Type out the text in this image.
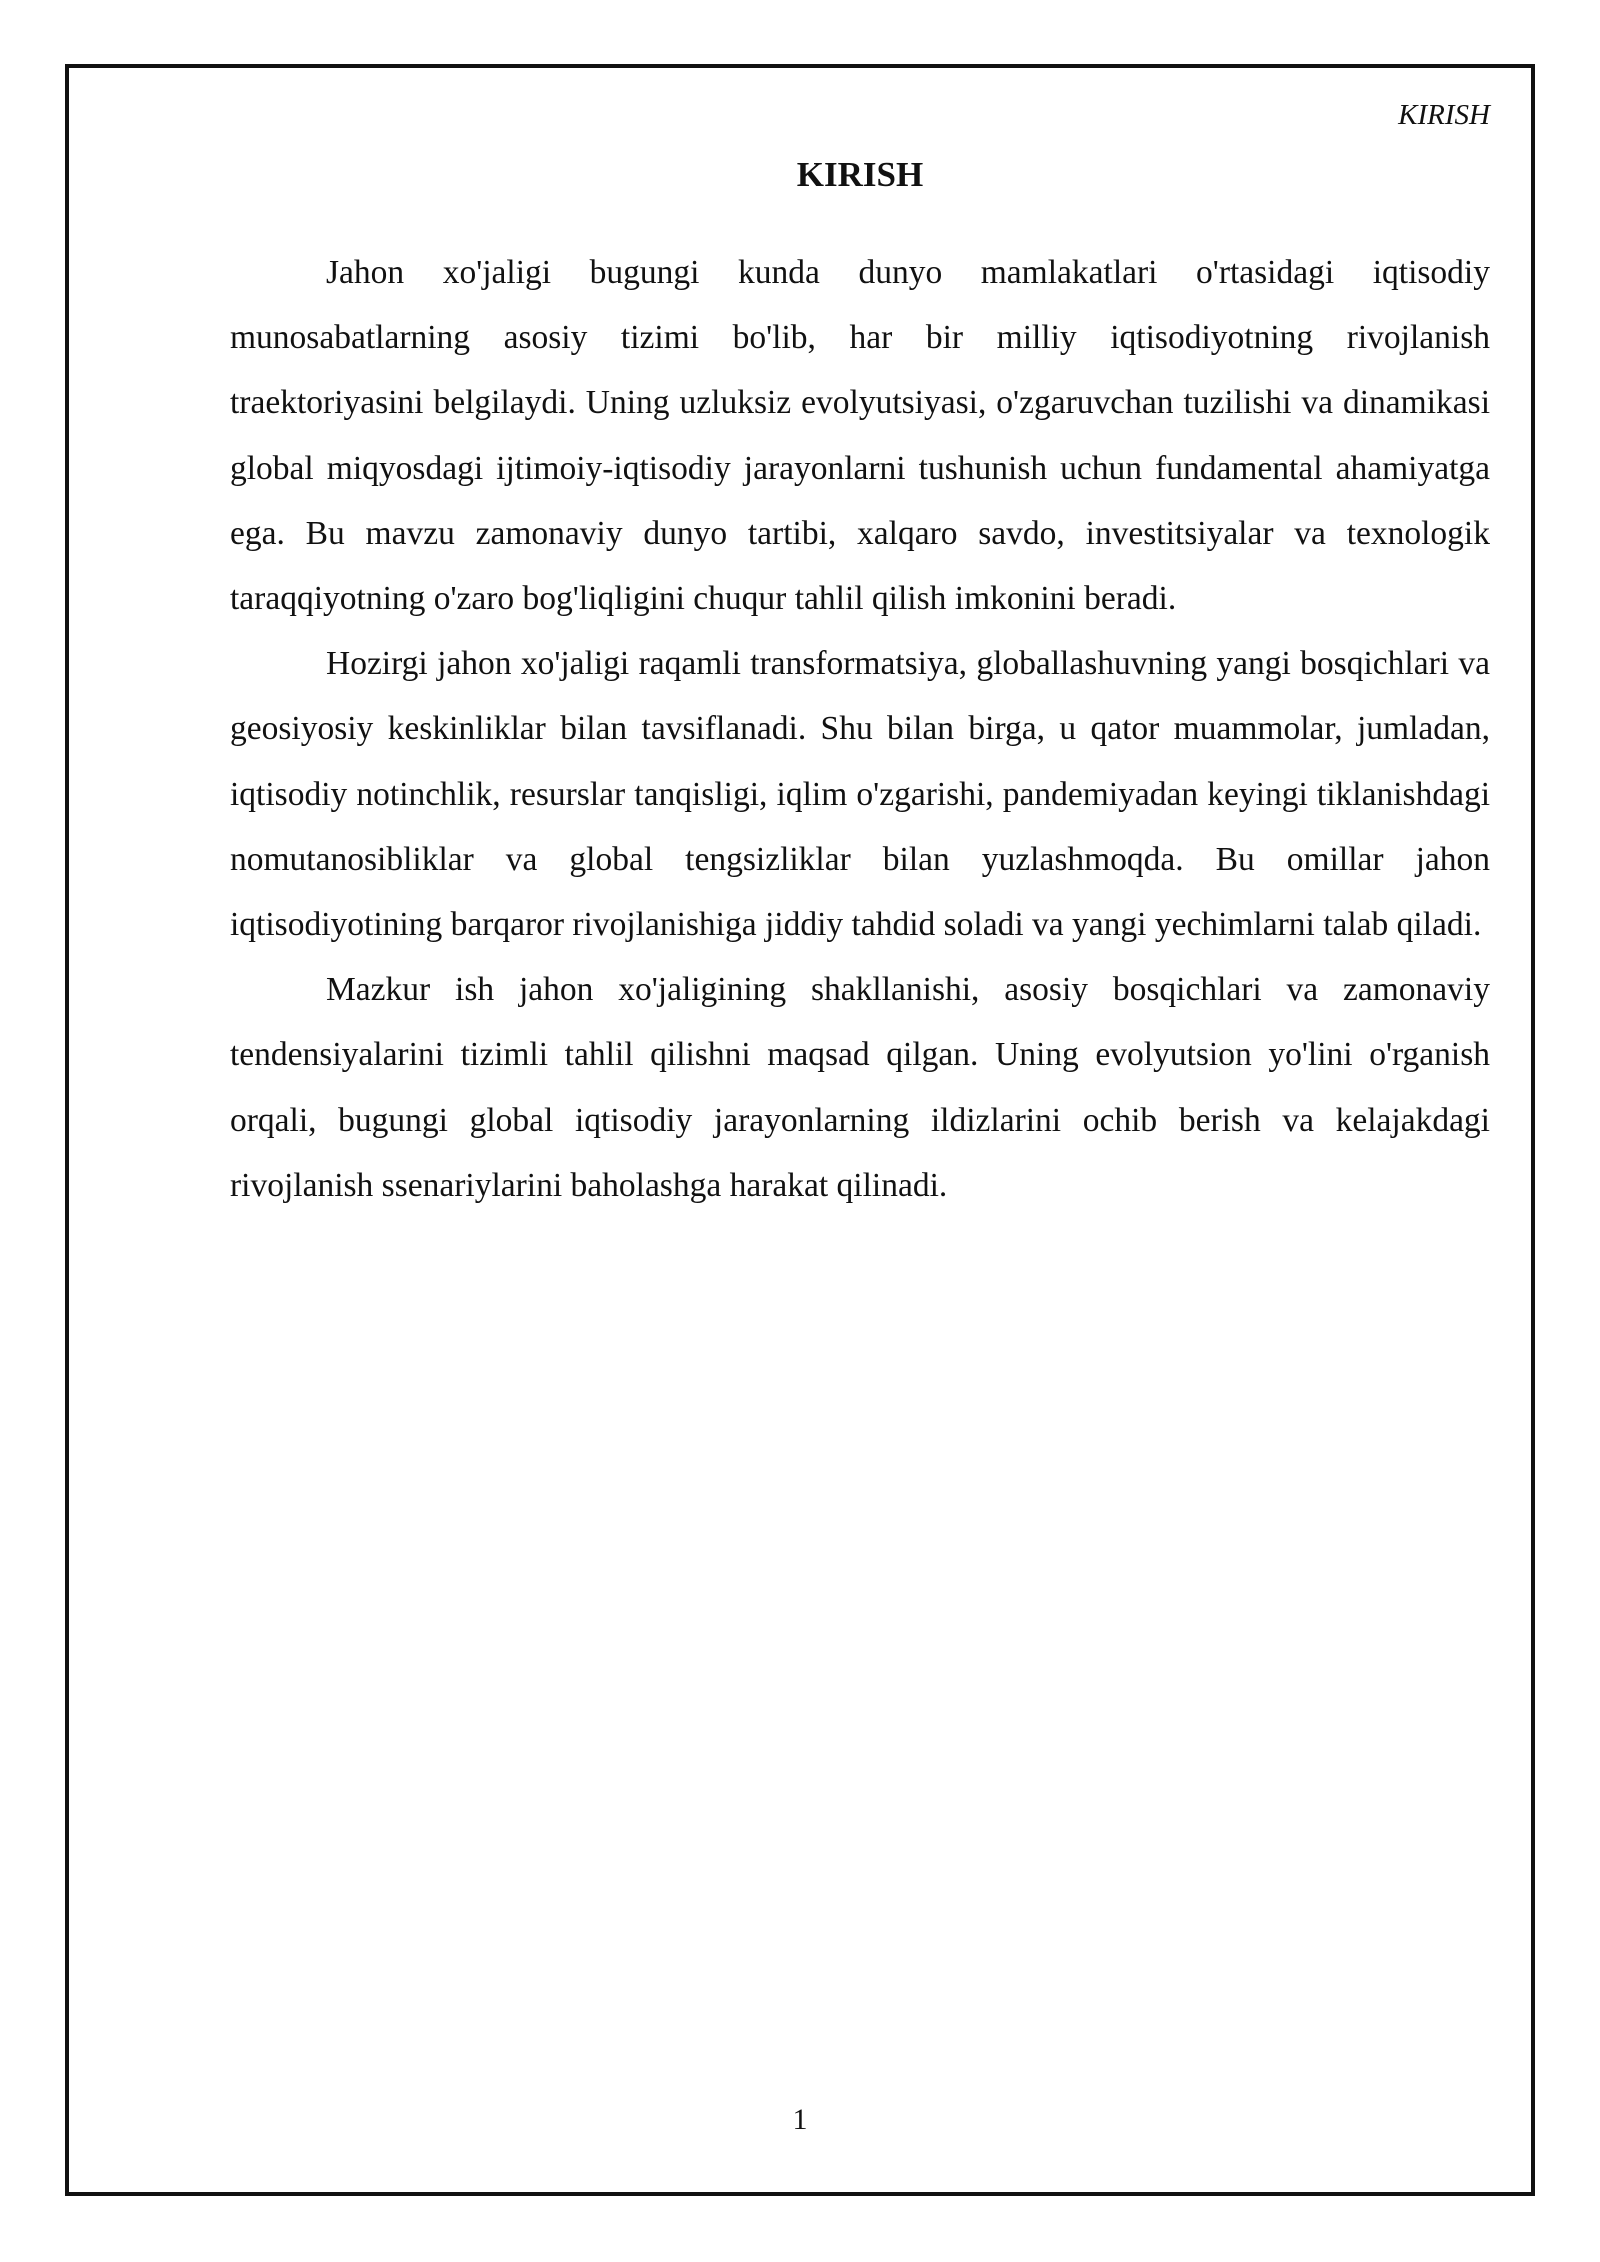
KIRISH
KIRISH

Jahon xo'jaligi bugungi kunda dunyo mamlakatlari o'rtasidagi iqtisodiy munosabatlarning asosiy tizimi bo'lib, har bir milliy iqtisodiyotning rivojlanish traektoriyasini belgilaydi. Uning uzluksiz evolyutsiyasi, o'zgaruvchan tuzilishi va dinamikasi global miqyosdagi ijtimoiy-iqtisodiy jarayonlarni tushunish uchun fundamental ahamiyatga ega. Bu mavzu zamonaviy dunyo tartibi, xalqaro savdo, investitsiyalar va texnologik taraqqiyotning o'zaro bog'liqligini chuqur tahlil qilish imkonini beradi.

Hozirgi jahon xo'jaligi raqamli transformatsiya, globallashuvning yangi bosqichlari va geosiyosiy keskinliklar bilan tavsiflanadi. Shu bilan birga, u qator muammolar, jumladan, iqtisodiy notinchlik, resurslar tanqisligi, iqlim o'zgarishi, pandemiyadan keyingi tiklanishdagi nomutanosibliklar va global tengsizliklar bilan yuzlashmoqda. Bu omillar jahon iqtisodiyotining barqaror rivojlanishiga jiddiy tahdid soladi va yangi yechimlarni talab qiladi.

Mazkur ish jahon xo'jaligining shakllanishi, asosiy bosqichlari va zamonaviy tendensiyalarini tizimli tahlil qilishni maqsad qilgan. Uning evolyutsion yo'lini o'rganish orqali, bugungi global iqtisodiy jarayonlarning ildizlarini ochib berish va kelajakdagi rivojlanish ssenariylarini baholashga harakat qilinadi.

1
